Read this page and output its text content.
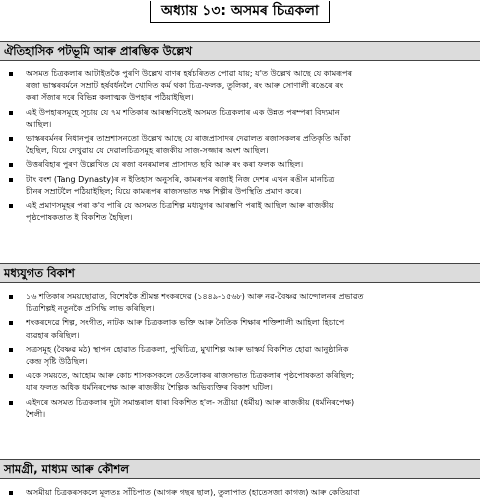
অধ্যায় ১৩: অসমৰ চিত্ৰকলা
ঐতিহাসিক পটভূমি আৰু প্ৰাৰম্ভিক উল্লেখ
অসমত চিত্ৰকলাৰ আটাইতকৈ পুৰণি উল্লেখ বাণৰ হৰ্ষচৰিতত পোৱা যায়; য'ত উল্লেখ আছে যে কামৰূপৰ
ৰজা ভাস্কৰবৰ্মনে সম্ৰাট হৰ্ষবৰ্ধনলৈ খোদিত কৰ্ম থকা চিত্ৰ-ফলক, তুলিকা, ৰং আৰু সোণালী ৰঙেৰে ৰং
কৰা সঁজাৰ দৰে বিভিন্ন কলাত্মক উপহাৰ পঠিয়াইছিল।
এই উপহাৰসমূহে সূচায় যে ৭ম শতিকাৰ আৰম্ভণিতেই অসমত চিত্ৰকলাৰ এক উন্নত পৰম্পৰা বিদ্যমান
আছিল।
ভাস্কৰবৰ্মনৰ নিধানপুৰ তাম্ৰশাসনতো উল্লেখ আছে যে ৰাজপ্ৰাসাদৰ দেৱালত ৰজাসকলৰ প্ৰতিকৃতি আঁকা
হৈছিল, যিয়ে দেখুৱায় যে দেৱালচিত্ৰসমূহ ৰাজকীয় সাজ-সজ্জাৰ অংশ আছিল।
উত্তৰবিহাৰ পুৰণ উল্লেখিত যে ৰজা বনৰমালৰ প্ৰাসাদত ছবি আৰু ৰং কৰা ফলক আছিল।
টাং বংশ (Tang Dynasty)ৰ ন ইতিহাস অনুসৰি, কামৰূপৰ ৰজাই নিজ দেশৰ এখন ৰঙীন মানচিত্ৰ
চীনৰ সম্ৰাটলৈ পঠিয়াইছিল; যিয়ে কামৰূপৰ ৰাজসভাত দক্ষ শিল্পীৰ উপস্থিতি প্ৰমাণ কৰে।
এই প্ৰমাণসমূহৰ পৰা ক'ব পাৰি যে অসমত চিত্ৰশিল্প মধ্যযুগৰ আৰম্ভণি পৰাই আছিল আৰু ৰাজকীয়
পৃষ্ঠপোষকতাত ই বিকশিত হৈছিল।
মধ্যযুগত বিকাশ
১৬ শতিকাৰ সময়ছোৱাত, বিশেষকৈ শ্ৰীমন্ত শংকৰদেৱ (১৪৪৯-১৫৬৮) আৰু নৱ-বৈষ্ণৱ আন্দোলনৰ প্ৰভাৱত
চিত্ৰশিল্পই নতুনকৈ প্ৰসিদ্ধি লাভ কৰিছিল।
শংকৰদেৱে শিল্প, সংগীত, নাটক আৰু চিত্ৰকলাক ভক্তি আৰু নৈতিক শিক্ষাৰ শক্তিশালী আহিলা হিচাপে
ব্যৱহাৰ কৰিছিল।
সত্ৰসমূহ (বৈষ্ণৱ মঠ) স্থাপন হোৱাত চিত্ৰকলা, পুথিচিত্ৰ, মুখাশিল্প আৰু ভাস্কৰ্য বিকশিত হোৱা আনুষ্ঠানিক
কেন্দ্ৰ সৃষ্টি উঠিছিল।
একে সময়তে, আহোম আৰু কোচ শাসকসকলে তেওঁলোকৰ ৰাজসভাত চিত্ৰকলাৰ পৃষ্ঠপোষকতা কৰিছিল;
যাৰ ফলত অধিক ধৰ্মনিৰপেক্ষ আৰু ৰাজকীয় শৈল্পিক অভিব্যক্তিৰ বিকাশ ঘটিল।
এইদৰে অসমত চিত্ৰকলাৰ দুটা সমান্তৰাল ধাৰা বিকশিত হ'ল- সত্ৰীয়া (ধৰ্মীয়) আৰু ৰাজকীয় (ধৰ্মনিৰপেক্ষ)
শৈলী।
সামগ্ৰী, মাধ্যম আৰু কৌশল
অসমীয়া চিত্ৰকৰসকলে মূলতঃ সাঁচিপাত (আগৰু গছৰ ছাল), তুলাপাত (হাতেসজা কাগজ) আৰু কেতিয়াবা
